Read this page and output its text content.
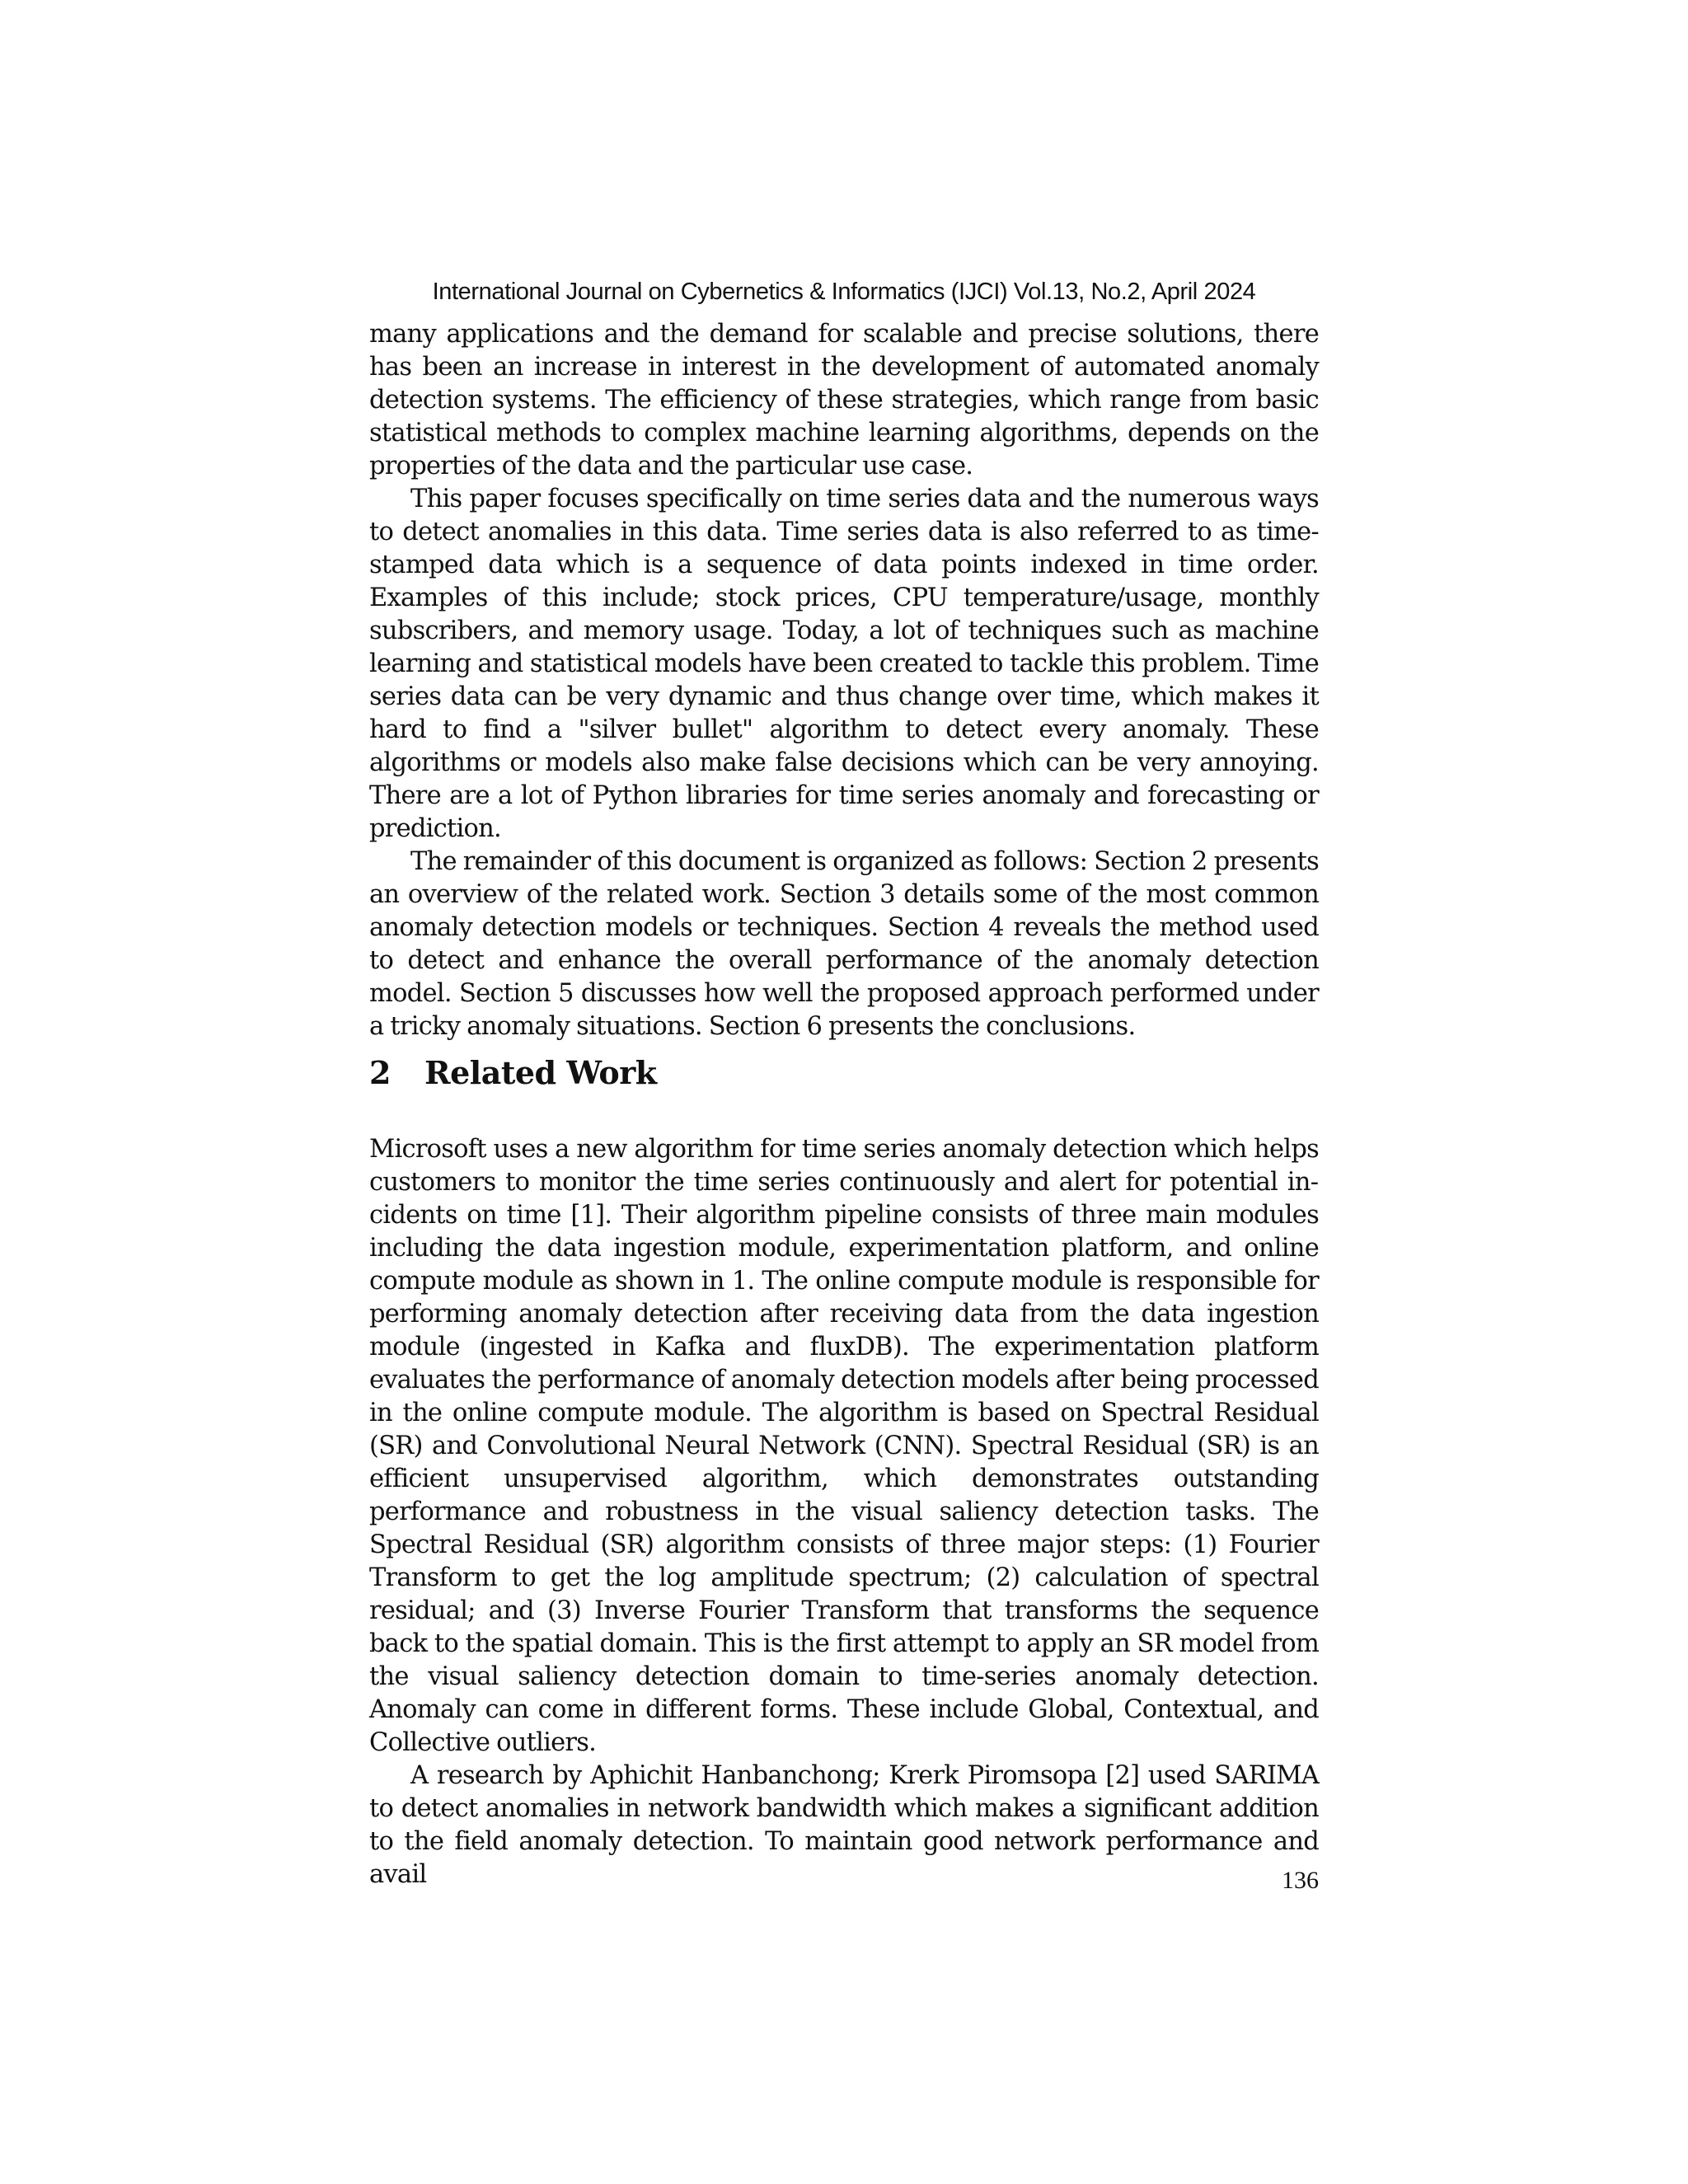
International Journal on Cybernetics & Informatics (IJCI) Vol.13, No.2, April 2024

many applications and the demand for scalable and precise solutions, there has been an increase in interest in the development of automated anomaly detection systems. The efficiency of these strategies, which range from basic statistical methods to complex machine learning algorithms, depends on the properties of the data and the particular use case.

This paper focuses specifically on time series data and the numerous ways to detect anomalies in this data. Time series data is also referred to as time-stamped data which is a sequence of data points indexed in time order. Examples of this include; stock prices, CPU temperature/usage, monthly subscribers, and memory usage. Today, a lot of techniques such as machine learning and statistical models have been created to tackle this problem. Time series data can be very dynamic and thus change over time, which makes it hard to find a "silver bullet" algorithm to detect every anomaly. These algorithms or models also make false decisions which can be very annoying. There are a lot of Python libraries for time series anomaly and forecasting or prediction.

The remainder of this document is organized as follows: Section 2 presents an overview of the related work. Section 3 details some of the most common anomaly detection models or techniques. Section 4 reveals the method used to detect and enhance the overall performance of the anomaly detection model. Section 5 discusses how well the proposed approach performed under a tricky anomaly situations. Section 6 presents the conclusions.

2 Related Work

Microsoft uses a new algorithm for time series anomaly detection which helps customers to monitor the time series continuously and alert for potential incidents on time [1]. Their algorithm pipeline consists of three main modules including the data ingestion module, experimentation platform, and online compute module as shown in 1. The online compute module is responsible for performing anomaly detection after receiving data from the data ingestion module (ingested in Kafka and fluxDB). The experimentation platform evaluates the performance of anomaly detection models after being processed in the online compute module. The algorithm is based on Spectral Residual (SR) and Convolutional Neural Network (CNN). Spectral Residual (SR) is an efficient unsupervised algorithm, which demonstrates outstanding performance and robustness in the visual saliency detection tasks. The Spectral Residual (SR) algorithm consists of three major steps: (1) Fourier Transform to get the log amplitude spectrum; (2) calculation of spectral residual; and (3) Inverse Fourier Transform that transforms the sequence back to the spatial domain. This is the first attempt to apply an SR model from the visual saliency detection domain to time-series anomaly detection. Anomaly can come in different forms. These include Global, Contextual, and Collective outliers.

A research by Aphichit Hanbanchong; Krerk Piromsopa [2] used SARIMA to detect anomalies in network bandwidth which makes a significant addition to the field anomaly detection. To maintain good network performance and avail	136
